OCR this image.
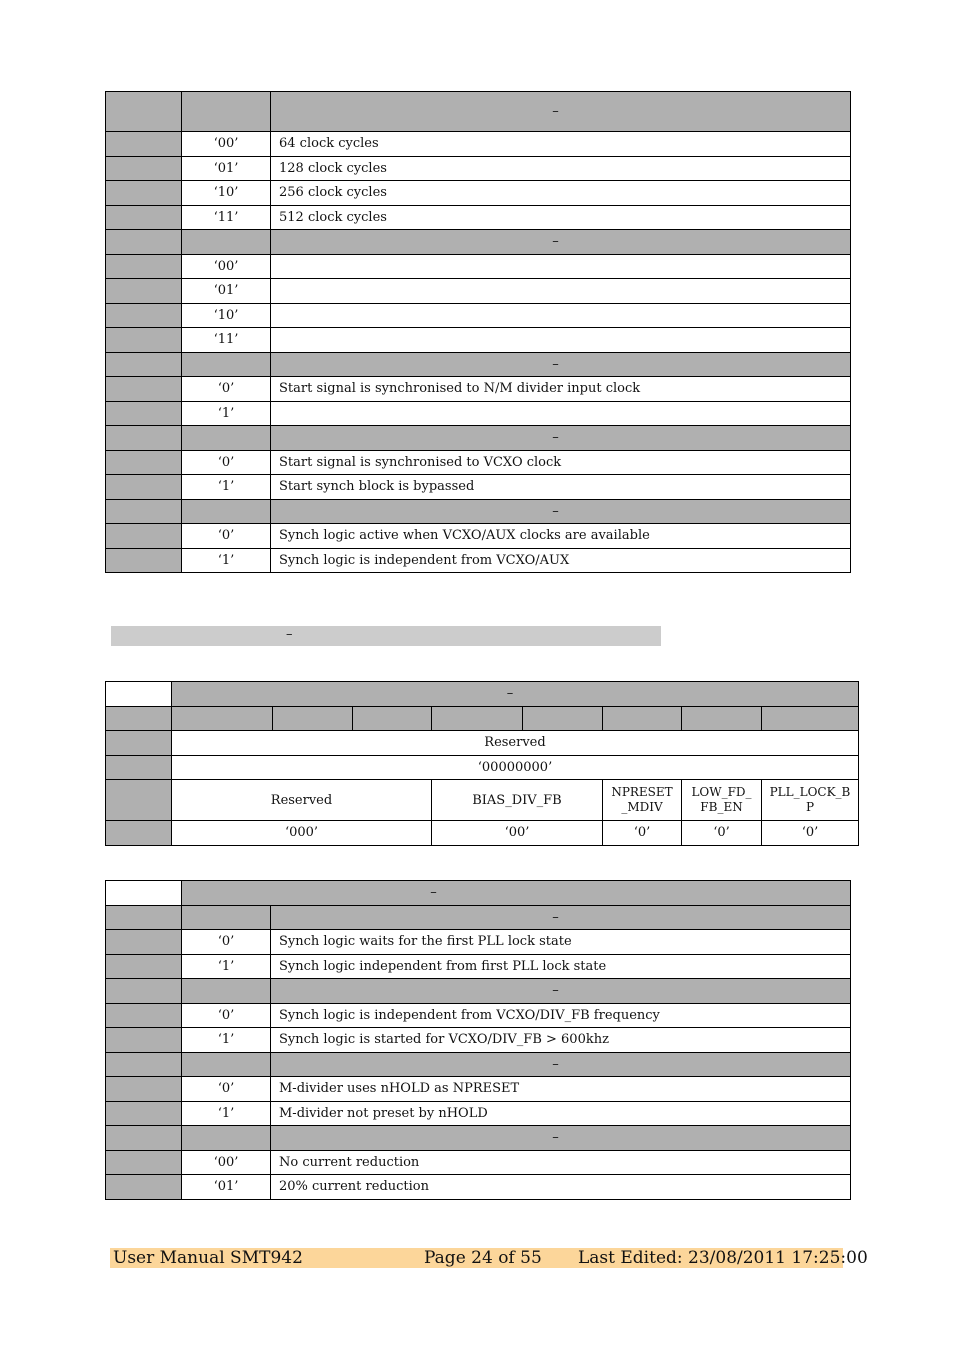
		–
	‘00’	64 clock cycles
	‘01’	128 clock cycles
	‘10’	256 clock cycles
	‘11’	512 clock cycles
		–
	‘00’	
	‘01’	
	‘10’	
	‘11’	
		–
	‘0’	Start signal is synchronised to N/M divider input clock
	‘1’	
		–
	‘0’	Start signal is synchronised to VCXO clock
	‘1’	Start synch block is bypassed
		–
	‘0’	Synch logic active when VCXO/AUX clocks are available
	‘1’	Synch logic is independent from VCXO/AUX
–
	–							

	Reserved							
	‘00000000’							
	Reserved			BIAS_DIV_FB		NPRESET _MDIV	LOW_FD_ FB_EN	PLL_LOCK_B P
	‘000’			‘00’		‘0’	‘0’	‘0’
	–	
		–
	‘0’	Synch logic waits for the first PLL lock state
	‘1’	Synch logic independent from first PLL lock state
		–
	‘0’	Synch logic is independent from VCXO/DIV_FB frequency
	‘1’	Synch logic is started for VCXO/DIV_FB > 600khz
		–
	‘0’	M-divider uses nHOLD as NPRESET
	‘1’	M-divider not preset by nHOLD
		–
	‘00’	No current reduction
	‘01’	20% current reduction
User Manual SMT942	Page 24 of 55 Last Edited: 23/08/2011 17:25:00
